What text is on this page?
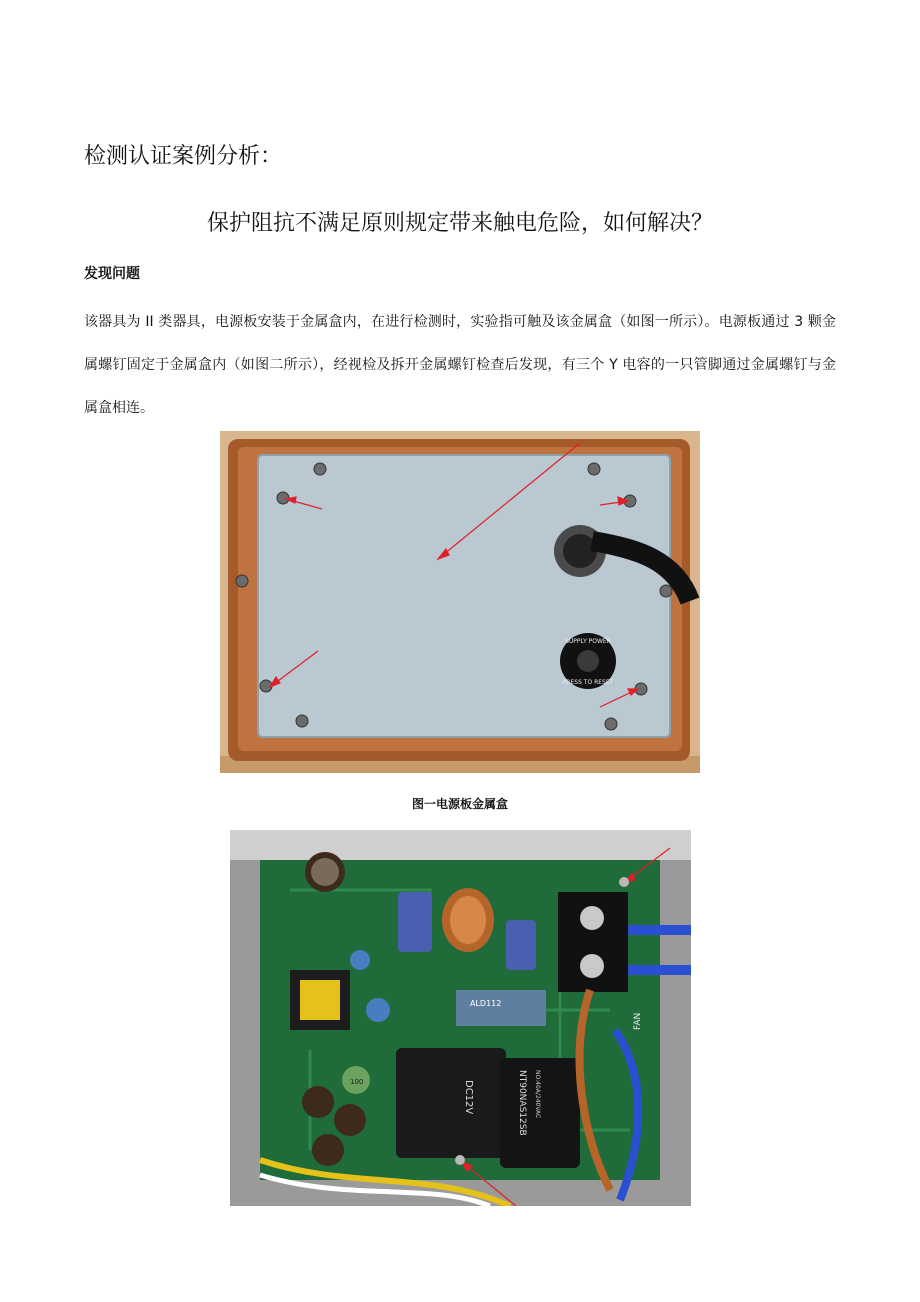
检测认证案例分析：
保护阻抗不满足原则规定带来触电危险，如何解决？
发现问题
该器具为 II 类器具，电源板安装于金属盒内，在进行检测时，实验指可触及该金属盒（如图一所示）。电源板通过 3 颗金属螺钉固定于金属盒内（如图二所示），经视检及拆开金属螺钉检查后发现，有三个 Y 电容的一只管脚通过金属螺钉与金属盒相连。
SUPPLY POWER
PRESS TO RESET
图一电源板金属盒
ALD112
DC12V	NT90NAS12SB NO:40A/240VAC
FAN
100
